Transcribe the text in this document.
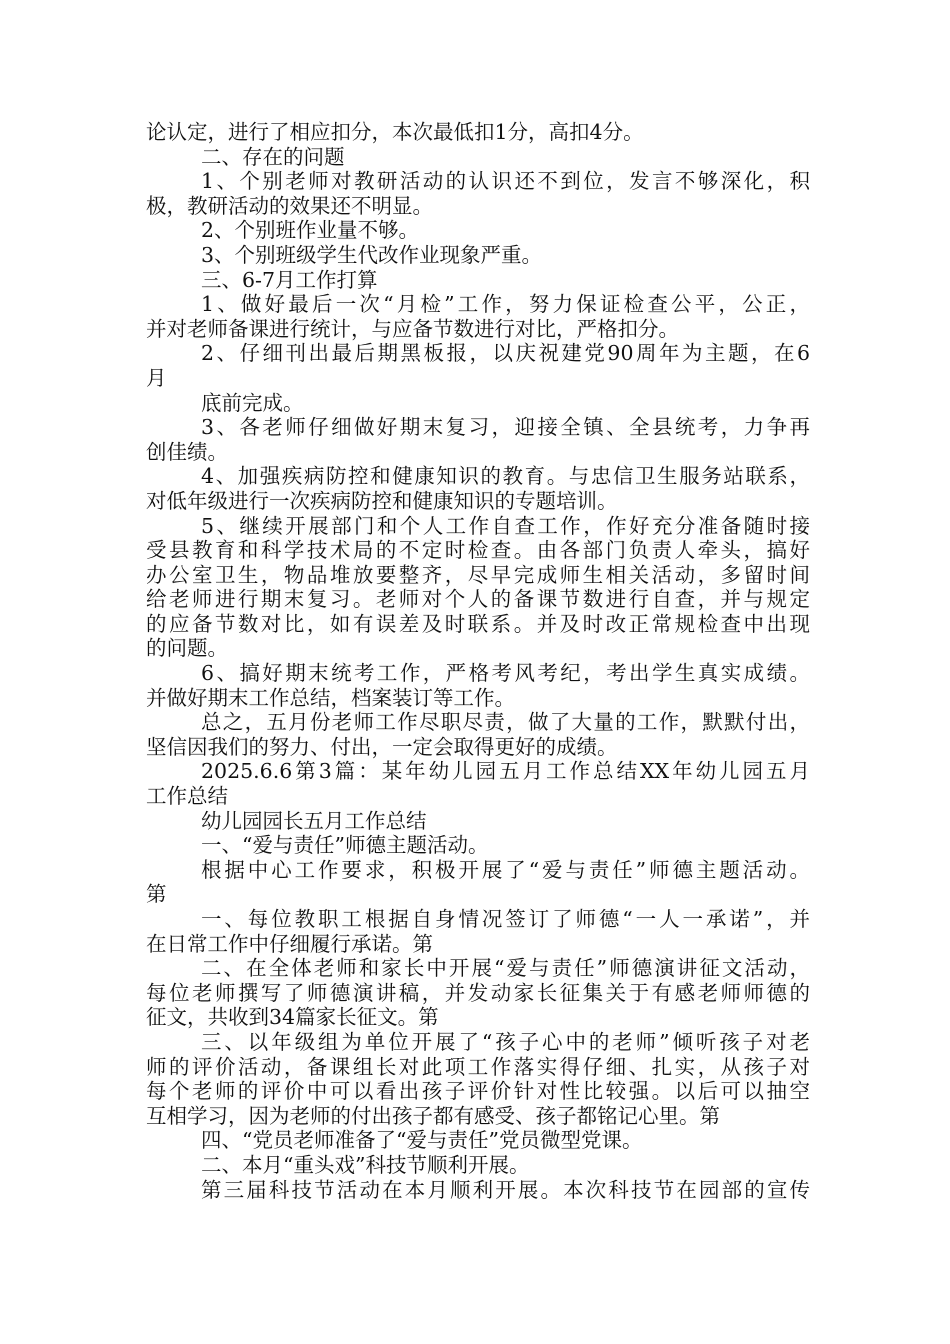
论认定，进行了相应扣分，本次最低扣1分，高扣4分。
二、存在的问题
1、个别老师对教研活动的认识还不到位，发言不够深化，积
极，教研活动的效果还不明显。
2、个别班作业量不够。
3、个别班级学生代改作业现象严重。
三、6-7月工作打算
1、做好最后一次“月检”工作，努力保证检查公平，公正，
并对老师备课进行统计，与应备节数进行对比，严格扣分。
2、仔细刊出最后期黑板报，以庆祝建党90周年为主题，在6
月
底前完成。
3、各老师仔细做好期末复习，迎接全镇、全县统考，力争再
创佳绩。
4、加强疾病防控和健康知识的教育。与忠信卫生服务站联系，
对低年级进行一次疾病防控和健康知识的专题培训。
5、继续开展部门和个人工作自查工作，作好充分准备随时接
受县教育和科学技术局的不定时检查。由各部门负责人牵头，搞好
办公室卫生，物品堆放要整齐，尽早完成师生相关活动，多留时间
给老师进行期末复习。老师对个人的备课节数进行自查，并与规定
的应备节数对比，如有误差及时联系。并及时改正常规检查中出现
的问题。
6、搞好期末统考工作，严格考风考纪，考出学生真实成绩。
并做好期末工作总结，档案装订等工作。
总之，五月份老师工作尽职尽责，做了大量的工作，默默付出，
坚信因我们的努力、付出，一定会取得更好的成绩。
2025.6.6第3篇：某年幼儿园五月工作总结XX年幼儿园五月
工作总结
幼儿园园长五月工作总结
一、“爱与责任”师德主题活动。
根据中心工作要求，积极开展了“爱与责任”师德主题活动。
第
一、每位教职工根据自身情况签订了师德“一人一承诺”，并
在日常工作中仔细履行承诺。第
二、在全体老师和家长中开展“爱与责任”师德演讲征文活动，
每位老师撰写了师德演讲稿，并发动家长征集关于有感老师师德的
征文，共收到34篇家长征文。第
三、以年级组为单位开展了“孩子心中的老师”倾听孩子对老
师的评价活动，备课组长对此项工作落实得仔细、扎实，从孩子对
每个老师的评价中可以看出孩子评价针对性比较强。以后可以抽空
互相学习，因为老师的付出孩子都有感受、孩子都铭记心里。第
四、“党员老师准备了“爱与责任”党员微型党课。
二、本月“重头戏”科技节顺利开展。
第三届科技节活动在本月顺利开展。本次科技节在园部的宣传
